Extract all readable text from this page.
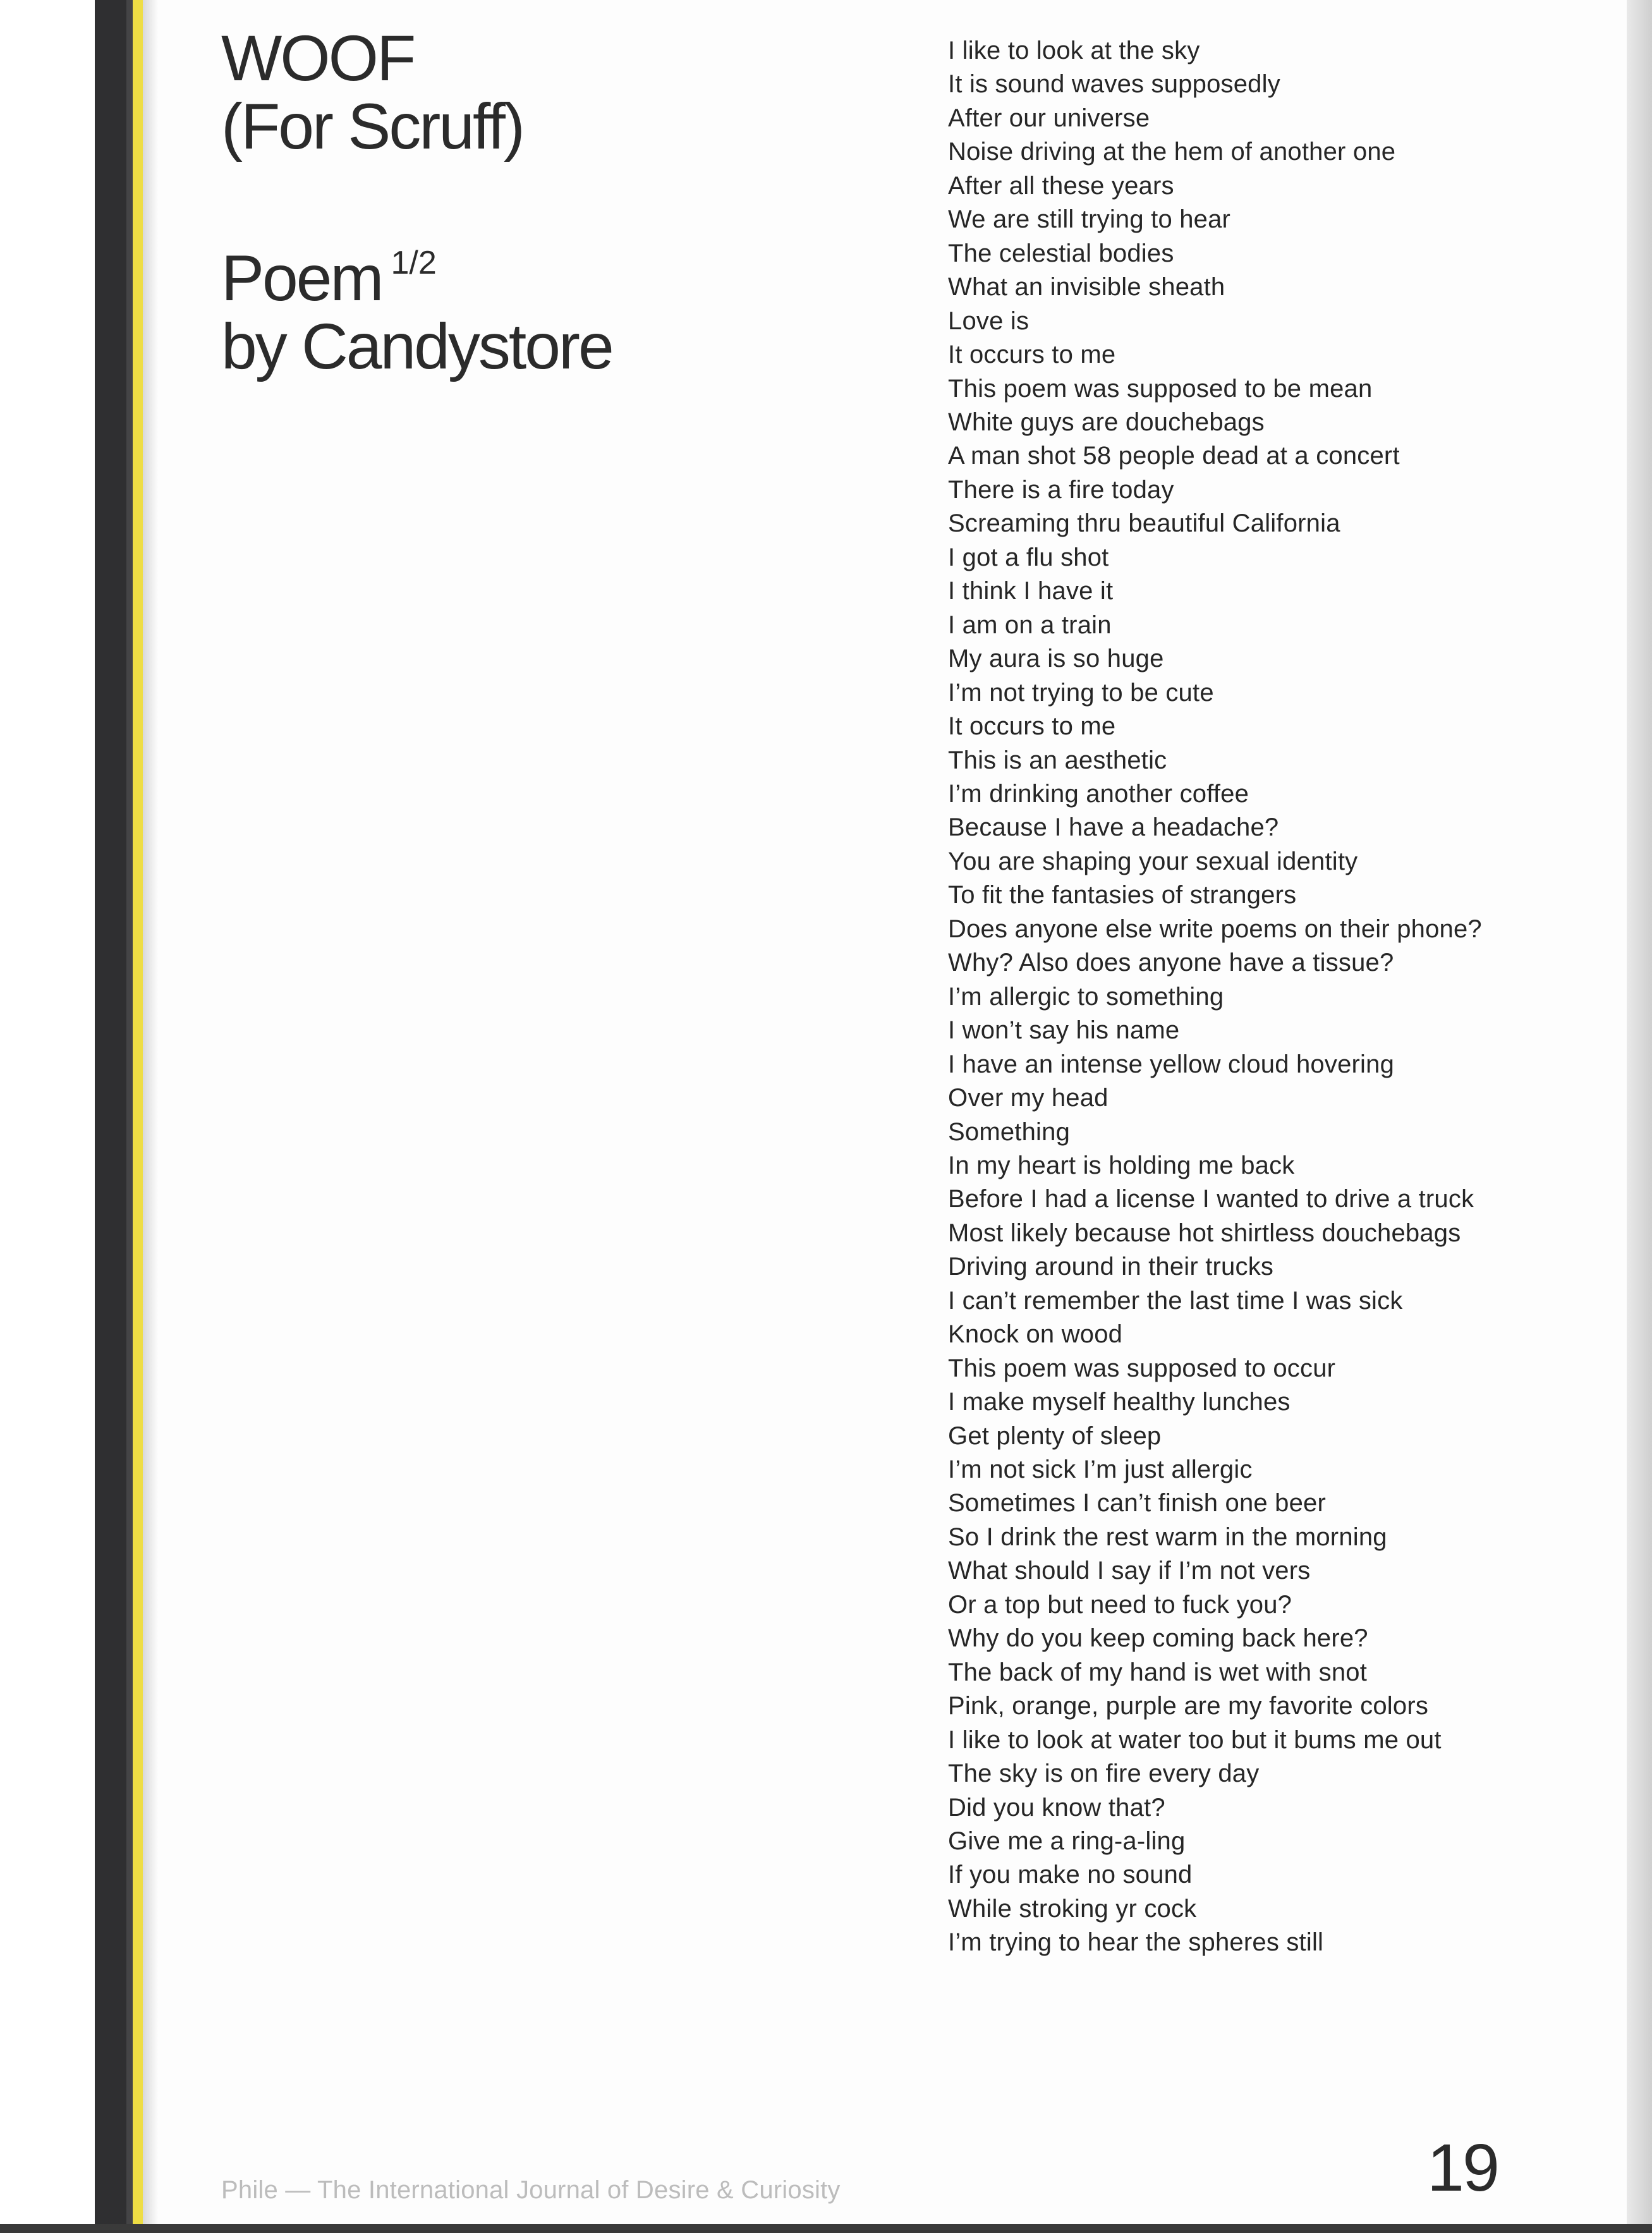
WOOF
(For Scruff)
Poem $^{1/2}$
by Candystore
I like to look at the sky
It is sound waves supposedly
After our universe
Noise driving at the hem of another one
After all these years
We are still trying to hear
The celestial bodies
What an invisible sheath
Love is
It occurs to me
This poem was supposed to be mean
White guys are douchebags
A man shot 58 people dead at a concert
There is a fire today
Screaming thru beautiful California
I got a flu shot
I think I have it
I am on a train
My aura is so huge
I’m not trying to be cute
It occurs to me
This is an aesthetic
I’m drinking another coffee
Because I have a headache?
You are shaping your sexual identity
To fit the fantasies of strangers
Does anyone else write poems on their phone?
Why? Also does anyone have a tissue?
I’m allergic to something
I won’t say his name
I have an intense yellow cloud hovering
Over my head
Something
In my heart is holding me back
Before I had a license I wanted to drive a truck
Most likely because hot shirtless douchebags
Driving around in their trucks
I can’t remember the last time I was sick
Knock on wood
This poem was supposed to occur
I make myself healthy lunches
Get plenty of sleep
I’m not sick I’m just allergic
Sometimes I can’t finish one beer
So I drink the rest warm in the morning
What should I say if I’m not vers
Or a top but need to fuck you?
Why do you keep coming back here?
The back of my hand is wet with snot
Pink, orange, purple are my favorite colors
I like to look at water too but it bums me out
The sky is on fire every day
Did you know that?
Give me a ring-a-ling
If you make no sound
While stroking yr cock
I’m trying to hear the spheres still
Phile — The International Journal of Desire & Curiosity	19
